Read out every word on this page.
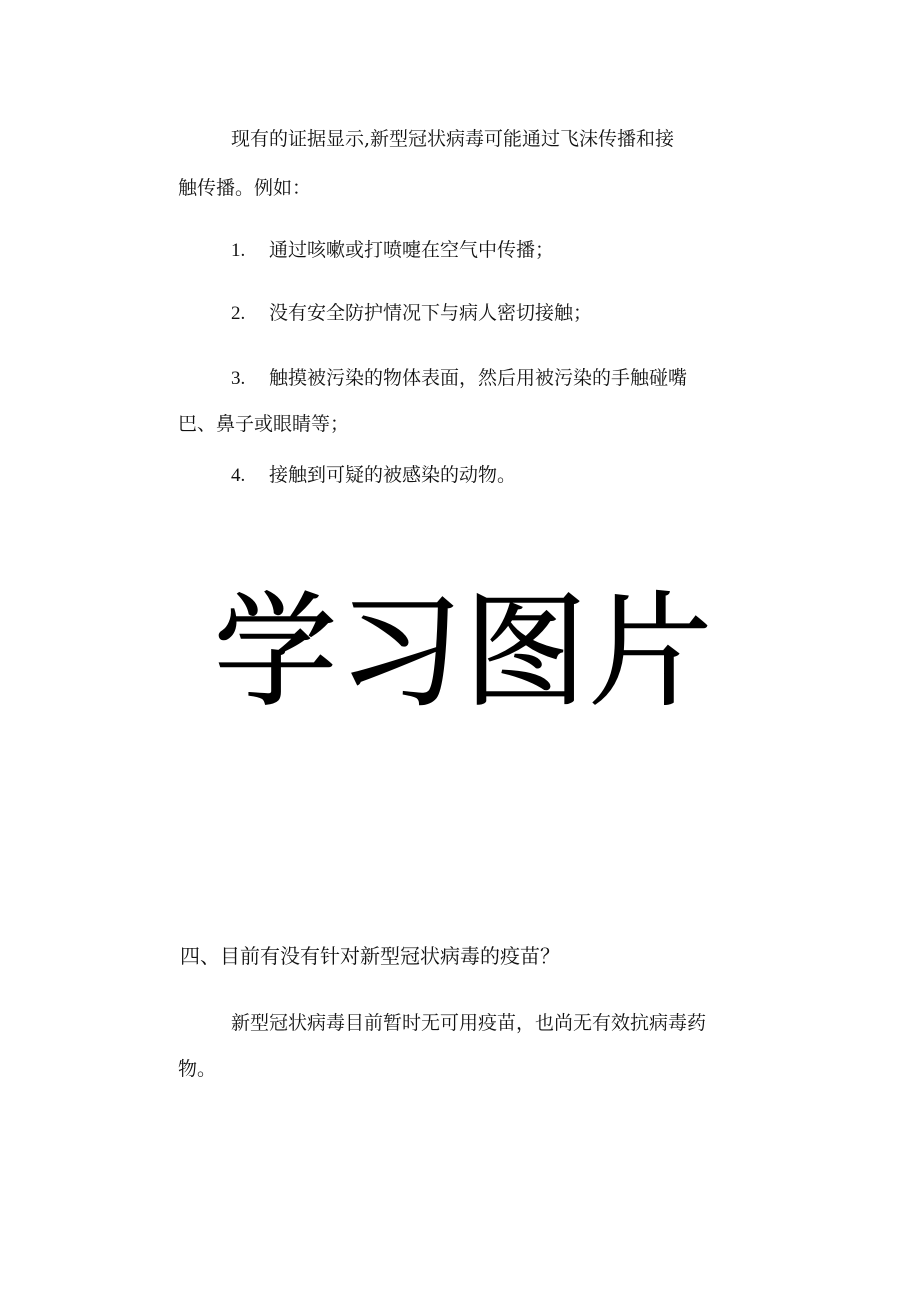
现有的证据显示,新型冠状病毒可能通过飞沫传播和接
触传播。例如：
1. 通过咳嗽或打喷嚏在空气中传播；
2. 没有安全防护情况下与病人密切接触；
3. 触摸被污染的物体表面，然后用被污染的手触碰嘴
巴、鼻子或眼睛等；
4. 接触到可疑的被感染的动物。
学习图片
四、目前有没有针对新型冠状病毒的疫苗？
新型冠状病毒目前暂时无可用疫苗，也尚无有效抗病毒药
物。
